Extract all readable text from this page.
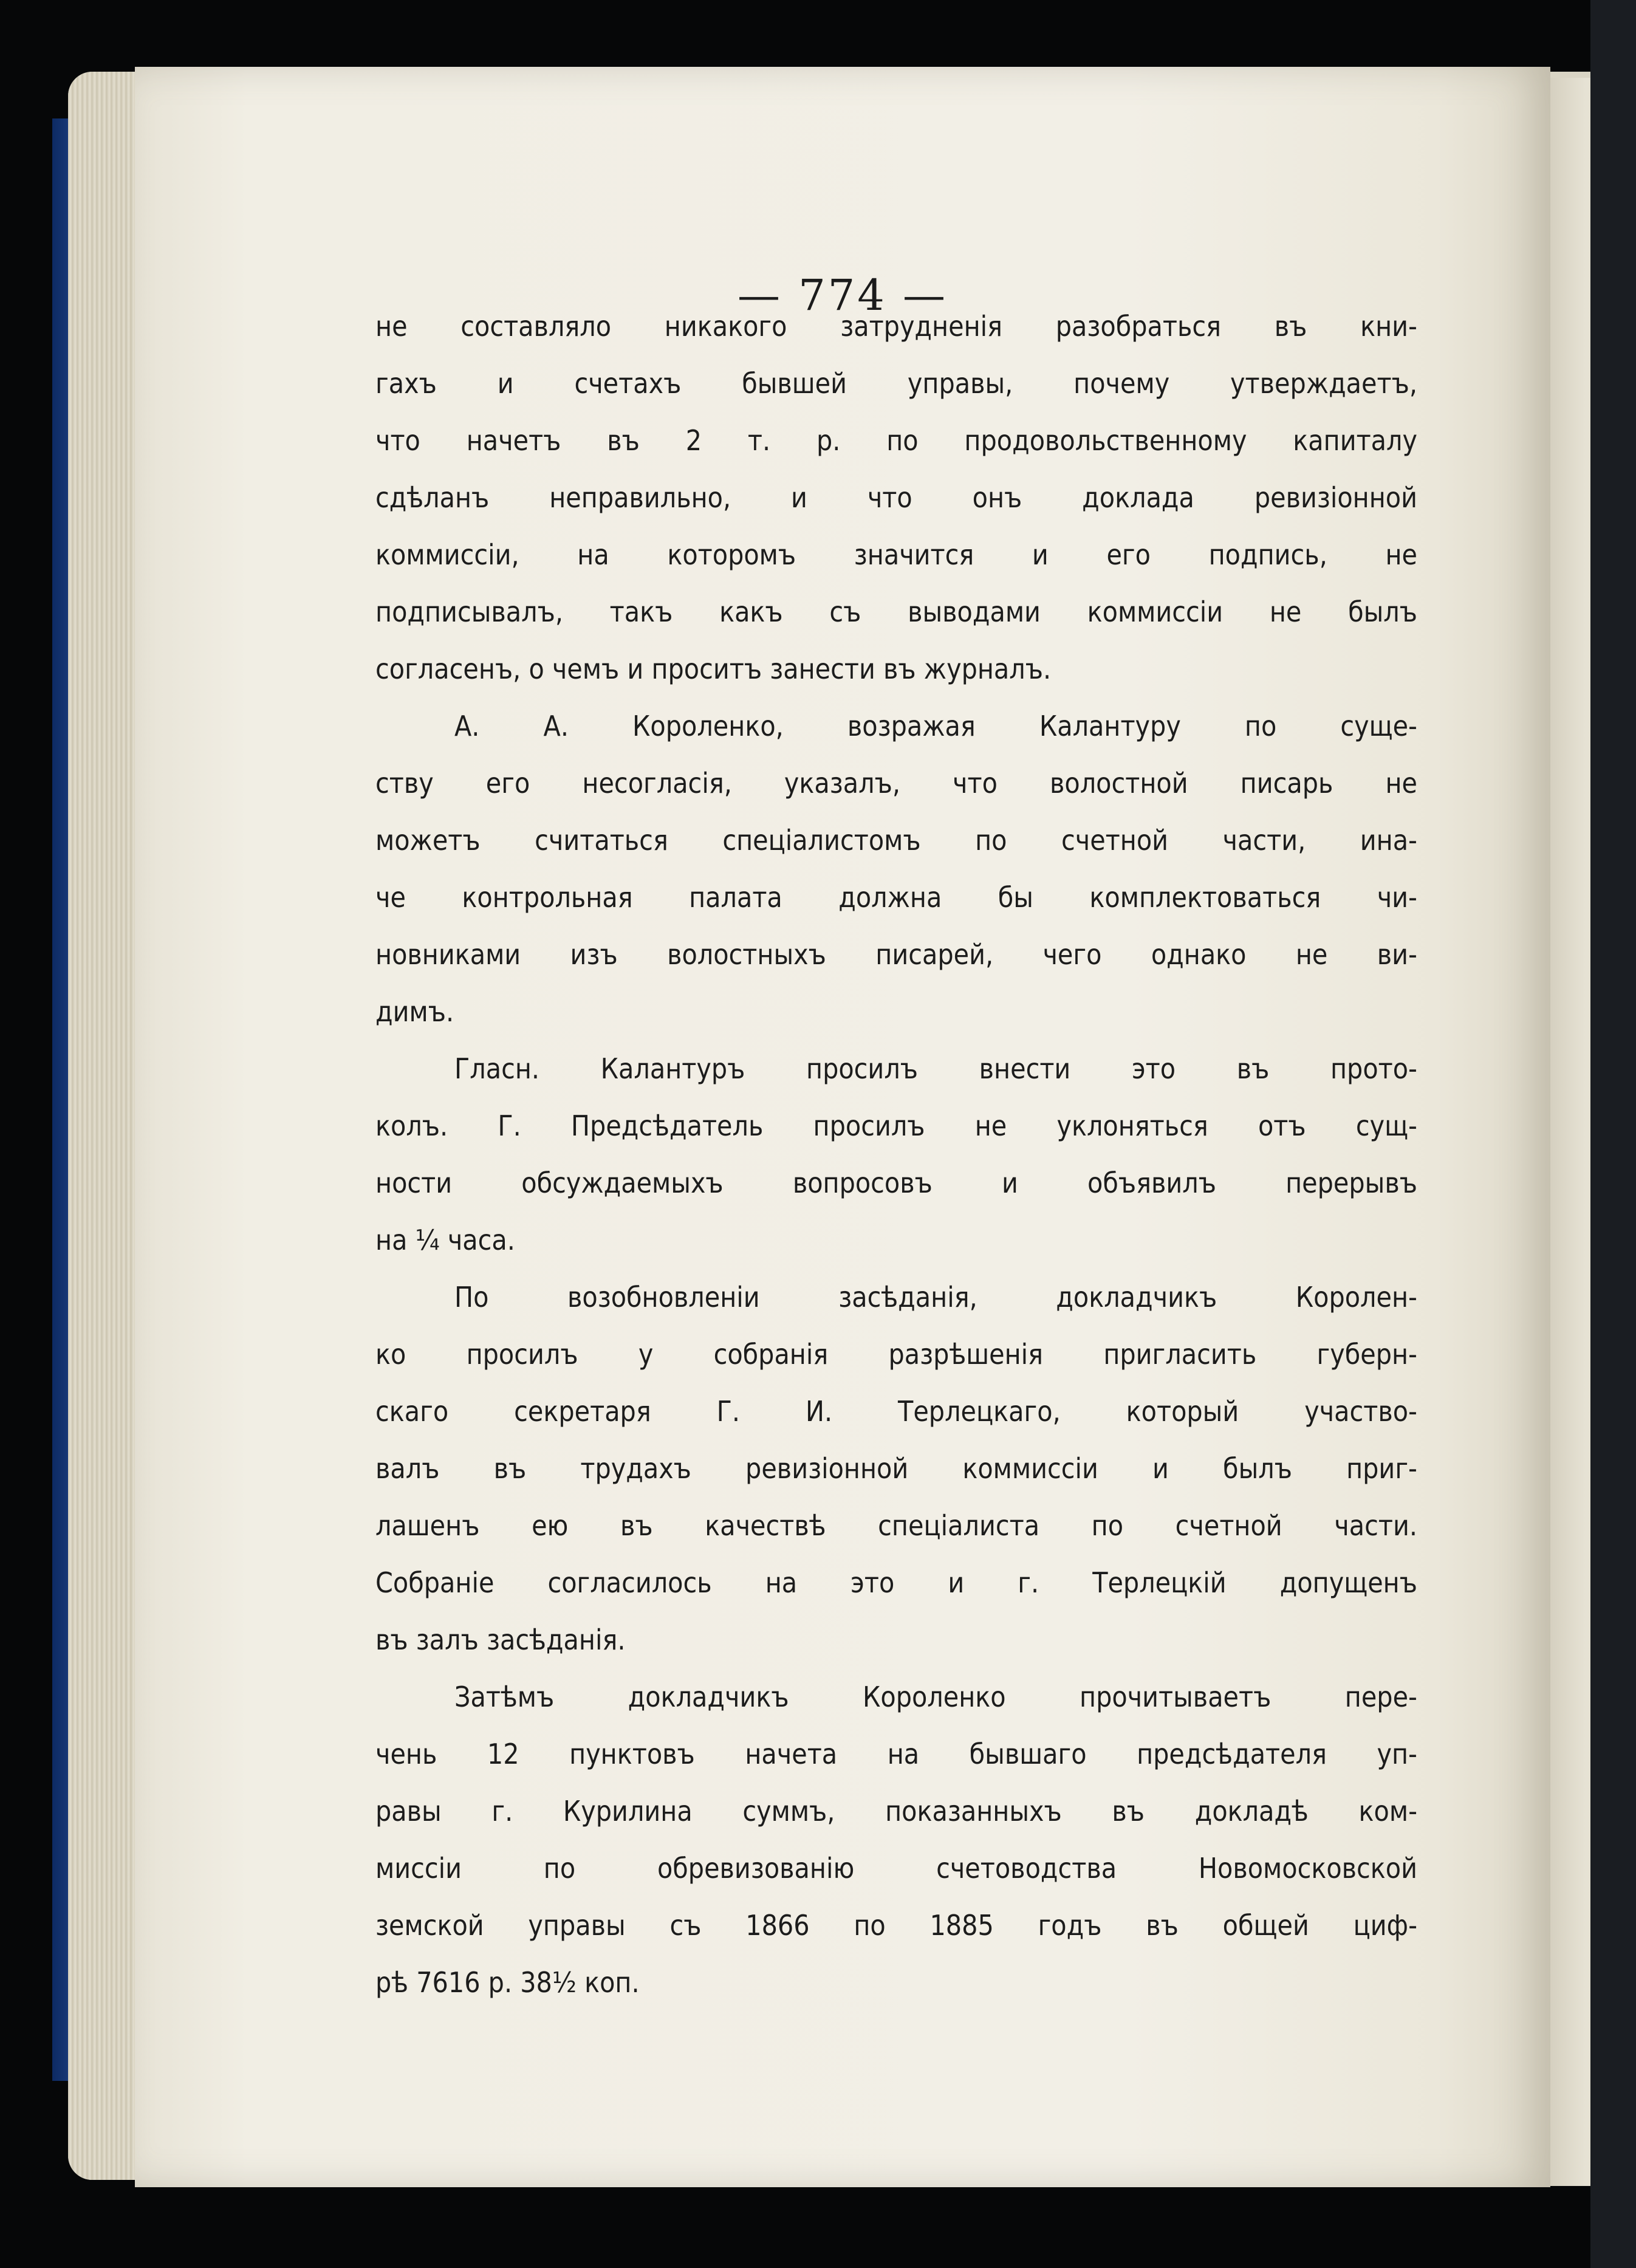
— 774 —
не составляло никакого затрудненія разобраться въ кни-
гахъ и счетахъ бывшей управы, почему утверждаетъ,
что начетъ въ 2 т. р. по продовольственному капиталу
сдѣланъ неправильно, и что онъ доклада ревизіонной
коммиссіи, на которомъ значится и его подпись, не
подписывалъ, такъ какъ съ выводами коммиссіи не былъ
согласенъ, о чемъ и проситъ занести въ журналъ.
А. А. Короленко, возражая Калантуру по суще-
ству его несогласія, указалъ, что волостной писарь не
можетъ считаться спеціалистомъ по счетной части, ина-
че контрольная палата должна бы комплектоваться чи-
новниками изъ волостныхъ писарей, чего однако не ви-
димъ.
Гласн. Калантуръ просилъ внести это въ прото-
колъ. Г. Предсѣдатель просилъ не уклоняться отъ сущ-
ности обсуждаемыхъ вопросовъ и объявилъ перерывъ
на ¼ часа.
По возобновленіи засѣданія, докладчикъ Королен-
ко просилъ у собранія разрѣшенія пригласить губерн-
скаго секретаря Г. И. Терлецкаго, который участво-
валъ въ трудахъ ревизіонной коммиссіи и былъ приг-
лашенъ ею въ качествѣ спеціалиста по счетной части.
Собраніе согласилось на это и г. Терлецкій допущенъ
въ залъ засѣданія.
Затѣмъ докладчикъ Короленко прочитываетъ пере-
чень 12 пунктовъ начета на бывшаго предсѣдателя уп-
равы г. Курилина суммъ, показанныхъ въ докладѣ ком-
миссіи по обревизованію счетоводства Новомосковской
земской управы съ 1866 по 1885 годъ въ общей циф-
рѣ 7616 р. 38½ коп.
